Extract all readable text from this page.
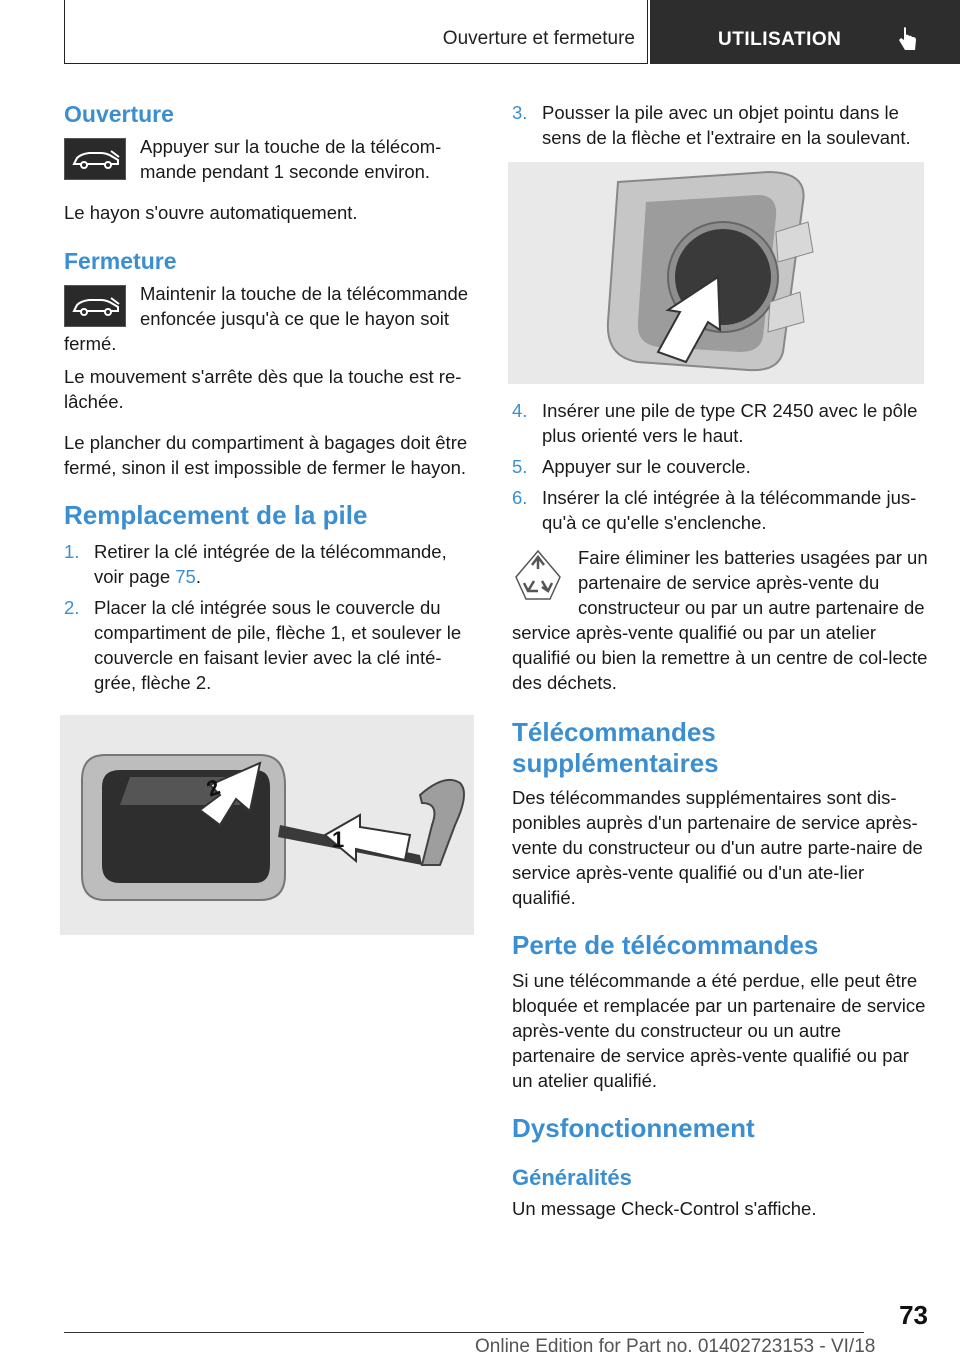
Ouverture et fermeture	UTILISATION
Ouverture

Appuyer sur la touche de la télécom‐mande pendant 1 seconde environ.

Le hayon s'ouvre automatiquement.

Fermeture

Maintenir la touche de la télécommande enfoncée jusqu'à ce que le hayon soit fermé.

Le mouvement s'arrête dès que la touche est re‐lâchée.

Le plancher du compartiment à bagages doit être fermé, sinon il est impossible de fermer le hayon.

Remplacement de la pile
1. Retirer la clé intégrée de la télécommande, voir page 75.
2. Placer la clé intégrée sous le couvercle du compartiment de pile, flèche 1, et soulever le couvercle en faisant levier avec la clé inté‐grée, flèche 2.
2
1
3. Pousser la pile avec un objet pointu dans le sens de la flèche et l'extraire en la soulevant.
4. Insérer une pile de type CR 2450 avec le pôle plus orienté vers le haut.
5. Appuyer sur le couvercle.
6. Insérer la clé intégrée à la télécommande jus‐qu'à ce qu'elle s'enclenche.

Faire éliminer les batteries usagées par un partenaire de service après-vente du constructeur ou par un autre partenaire de service après-vente qualifié ou par un atelier qualifié ou bien la remettre à un centre de col‐lecte des déchets.

Télécommandes supplémentaires

Des télécommandes supplémentaires sont dis‐ponibles auprès d'un partenaire de service après-vente du constructeur ou d'un autre parte‐naire de service après-vente qualifié ou d'un ate‐lier qualifié.

Perte de télécommandes

Si une télécommande a été perdue, elle peut être bloquée et remplacée par un partenaire de service après-vente du constructeur ou un autre partenaire de service après-vente qualifié ou par un atelier qualifié.

Dysfonctionnement
Généralités

Un message Check-Control s'affiche.

73
Online Edition for Part no. 01402723153 - VI/18
